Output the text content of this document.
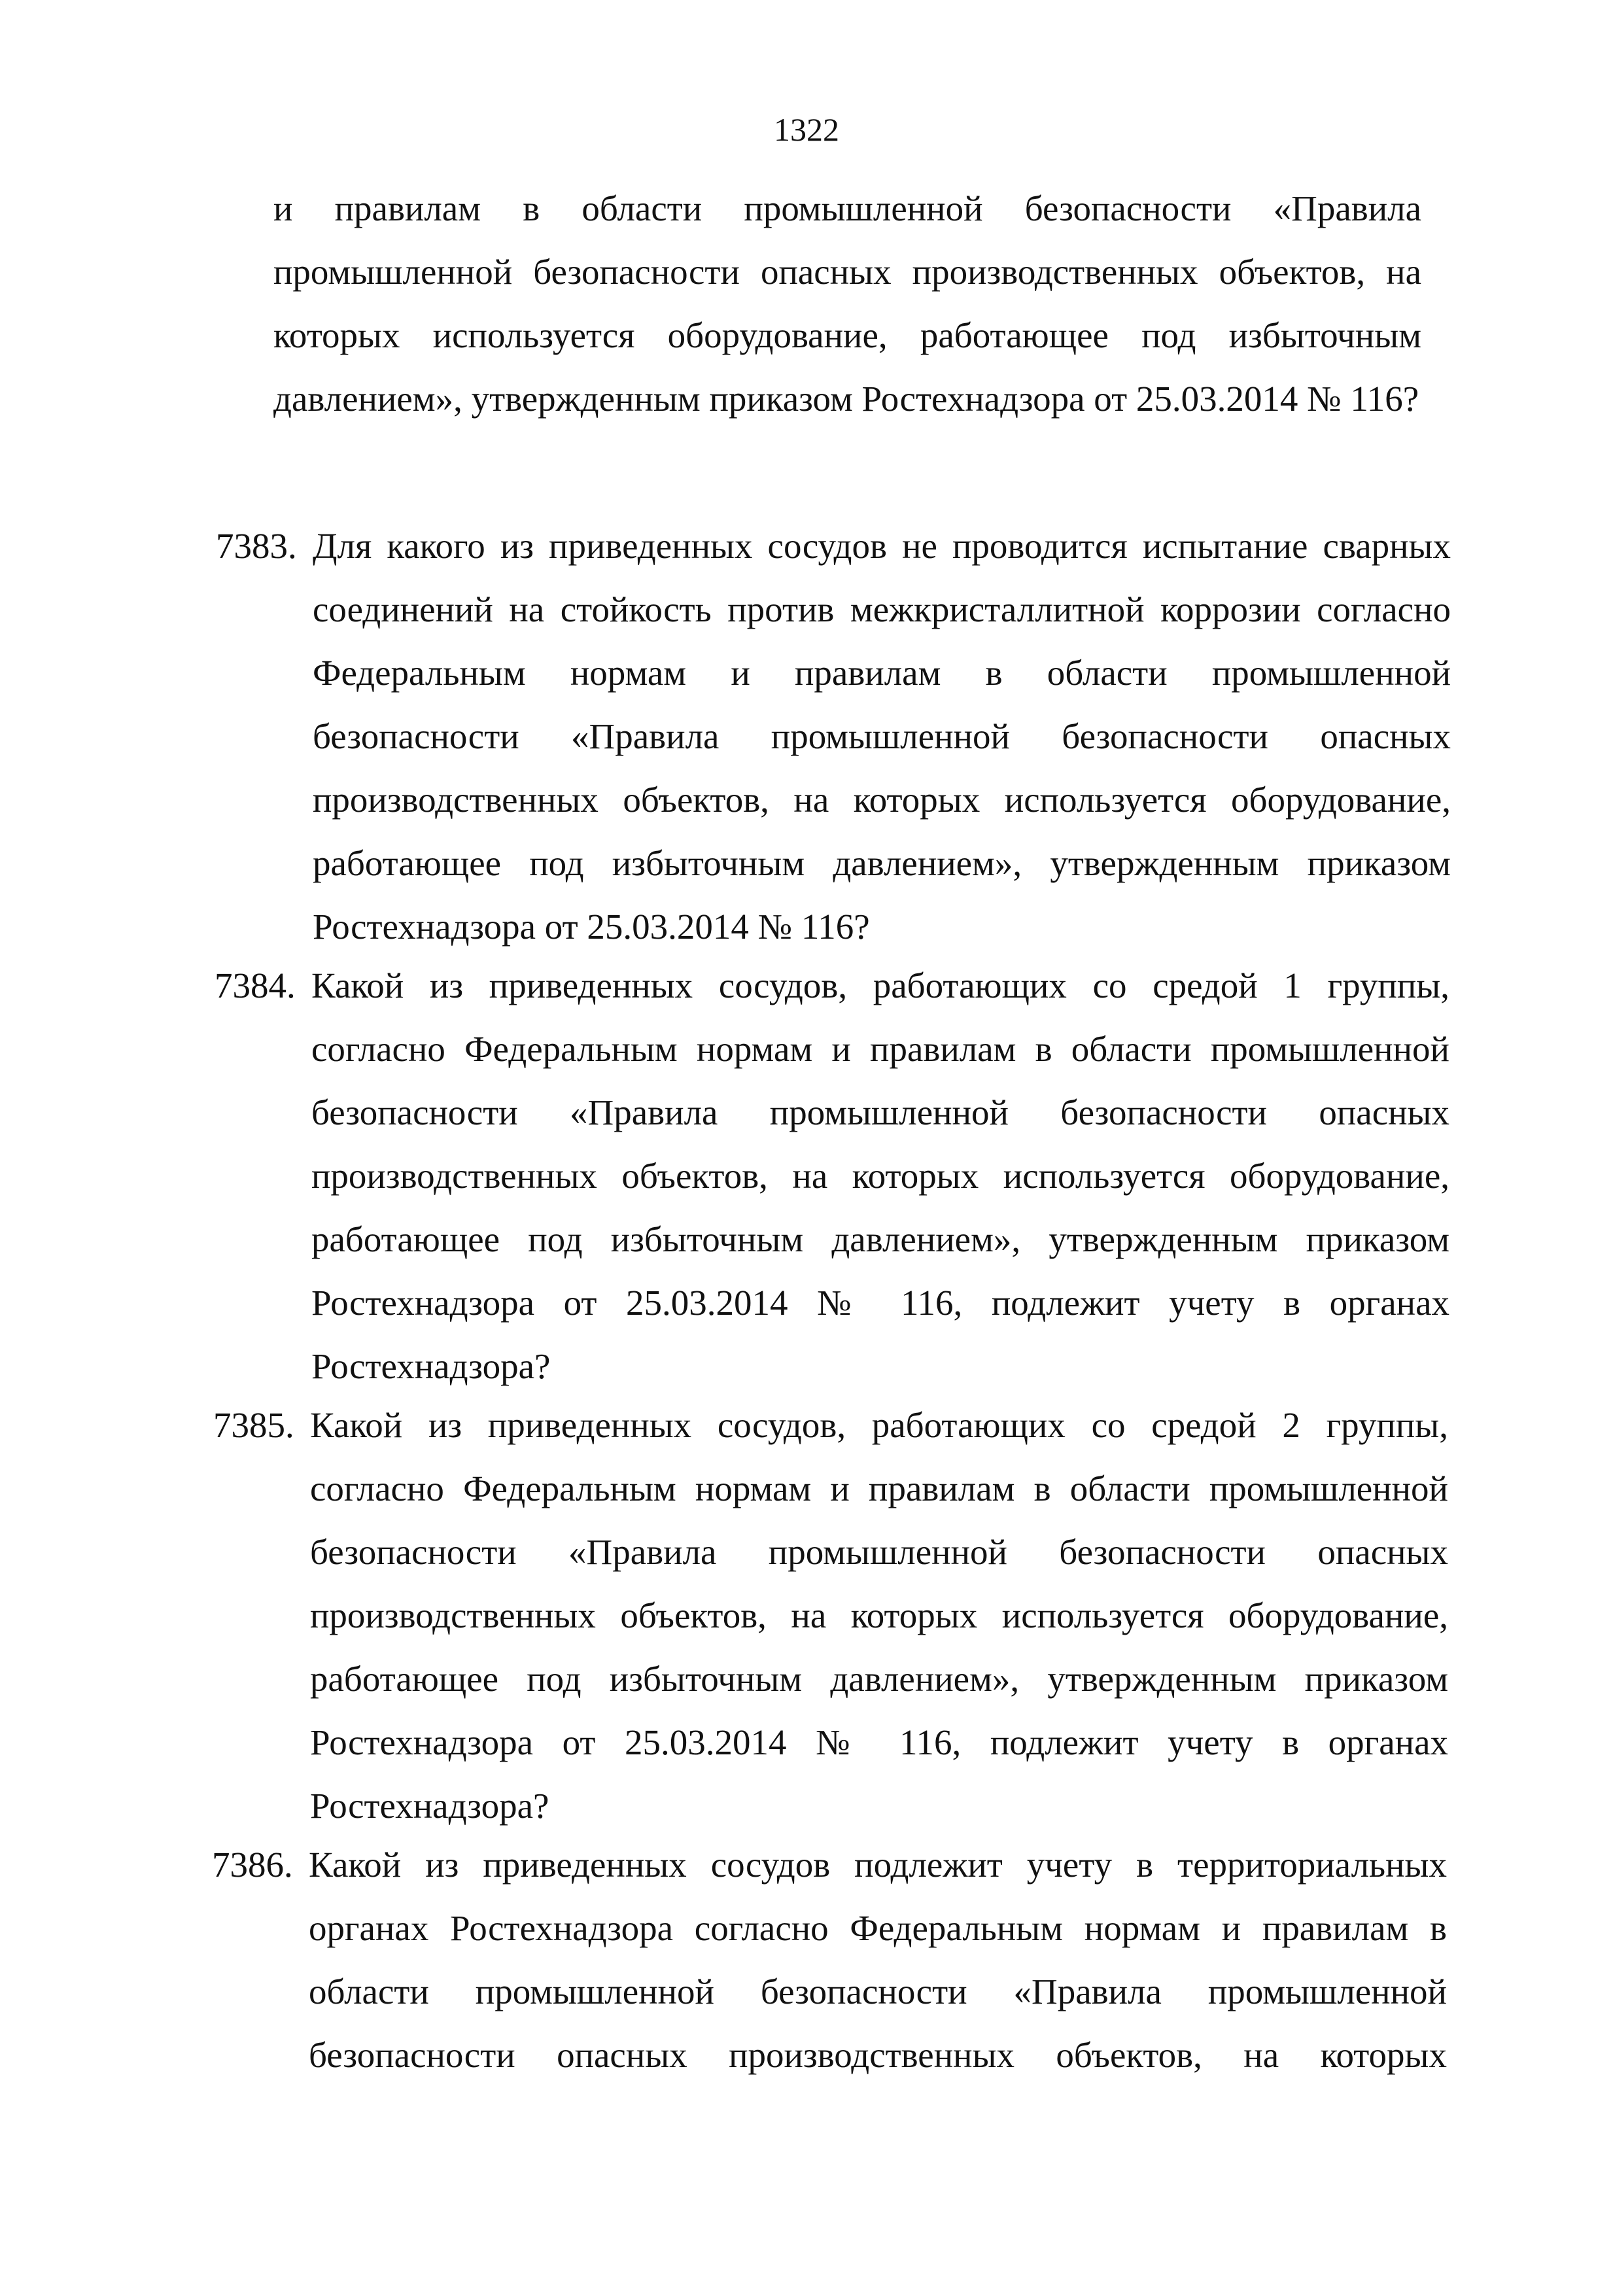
1322
и правилам в области промышленной безопасности «Правила промышленной безопасности опасных производственных объектов, на которых используется оборудование, работающее под избыточным давлением», утвержденным приказом Ростехнадзора от 25.03.2014 № 116?
7383. Для какого из приведенных сосудов не проводится испытание сварных соединений на стойкость против межкристаллитной коррозии согласно Федеральным нормам и правилам в области промышленной безопасности «Правила промышленной безопасности опасных производственных объектов, на которых используется оборудование, работающее под избыточным давлением», утвержденным приказом Ростехнадзора от 25.03.2014 № 116?
7384. Какой из приведенных сосудов, работающих со средой 1 группы, согласно Федеральным нормам и правилам в области промышленной безопасности «Правила промышленной безопасности опасных производственных объектов, на которых используется оборудование, работающее под избыточным давлением», утвержденным приказом Ростехнадзора от 25.03.2014 № 116, подлежит учету в органах Ростехнадзора?
7385. Какой из приведенных сосудов, работающих со средой 2 группы, согласно Федеральным нормам и правилам в области промышленной безопасности «Правила промышленной безопасности опасных производственных объектов, на которых используется оборудование, работающее под избыточным давлением», утвержденным приказом Ростехнадзора от 25.03.2014 № 116, подлежит учету в органах Ростехнадзора?
7386. Какой из приведенных сосудов подлежит учету в территориальных органах Ростехнадзора согласно Федеральным нормам и правилам в области промышленной безопасности «Правила промышленной безопасности опасных производственных объектов, на которых
